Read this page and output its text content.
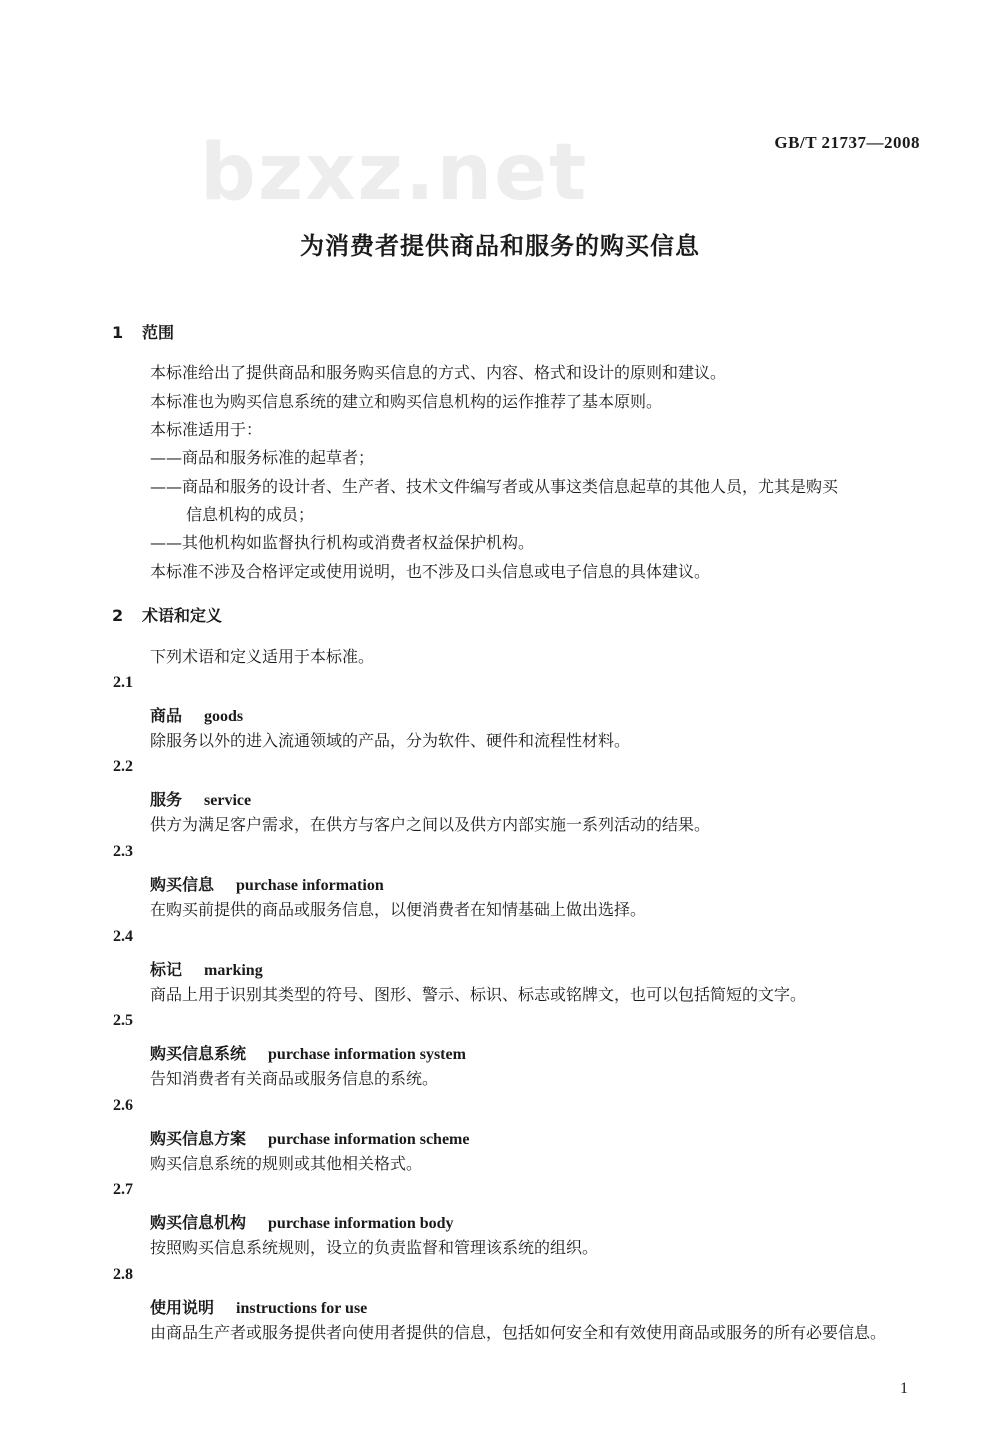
bzxz.net	GB/T 21737—2008
为消费者提供商品和服务的购买信息
1 范围
本标准给出了提供商品和服务购买信息的方式、内容、格式和设计的原则和建议。
本标准也为购买信息系统的建立和购买信息机构的运作推荐了基本原则。
本标准适用于：
——商品和服务标准的起草者；
——商品和服务的设计者、生产者、技术文件编写者或从事这类信息起草的其他人员，尤其是购买
信息机构的成员；
——其他机构如监督执行机构或消费者权益保护机构。
本标准不涉及合格评定或使用说明，也不涉及口头信息或电子信息的具体建议。
2 术语和定义
下列术语和定义适用于本标准。
2.1
商品 goods
除服务以外的进入流通领域的产品，分为软件、硬件和流程性材料。
2.2
服务 service
供方为满足客户需求，在供方与客户之间以及供方内部实施一系列活动的结果。
2.3
购买信息 purchase information
在购买前提供的商品或服务信息，以便消费者在知情基础上做出选择。
2.4
标记 marking
商品上用于识别其类型的符号、图形、警示、标识、标志或铭牌文，也可以包括简短的文字。
2.5
购买信息系统 purchase information system
告知消费者有关商品或服务信息的系统。
2.6
购买信息方案 purchase information scheme
购买信息系统的规则或其他相关格式。
2.7
购买信息机构 purchase information body
按照购买信息系统规则，设立的负责监督和管理该系统的组织。
2.8
使用说明 instructions for use
由商品生产者或服务提供者向使用者提供的信息，包括如何安全和有效使用商品或服务的所有必要信息。
1
